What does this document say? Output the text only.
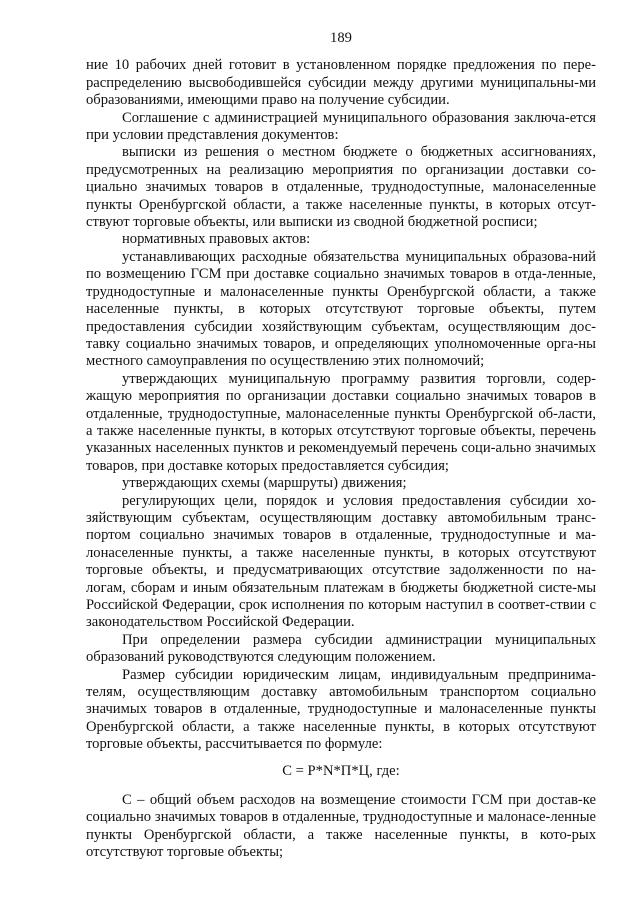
189

ние 10 рабочих дней готовит в установленном порядке предложения по пере-распределению высвободившейся субсидии между другими муниципальны-ми образованиями, имеющими право на получение субсидии.

Соглашение с администрацией муниципального образования заключа-ется при условии представления документов:

выписки из решения о местном бюджете о бюджетных ассигнованиях, предусмотренных на реализацию мероприятия по организации доставки со-циально значимых товаров в отдаленные, труднодоступные, малонаселенные пункты Оренбургской области, а также населенные пункты, в которых отсут-ствуют торговые объекты, или выписки из сводной бюджетной росписи;

нормативных правовых актов:

устанавливающих расходные обязательства муниципальных образова-ний по возмещению ГСМ при доставке социально значимых товаров в отда-ленные, труднодоступные и малонаселенные пункты Оренбургской области, а также населенные пункты, в которых отсутствуют торговые объекты, путем предоставления субсидии хозяйствующим субъектам, осуществляющим дос-тавку социально значимых товаров, и определяющих уполномоченные орга-ны местного самоуправления по осуществлению этих полномочий;

утверждающих муниципальную программу развития торговли, содер-жащую мероприятия по организации доставки социально значимых товаров в отдаленные, труднодоступные, малонаселенные пункты Оренбургской об-ласти, а также населенные пункты, в которых отсутствуют торговые объекты, перечень указанных населенных пунктов и рекомендуемый перечень соци-ально значимых товаров, при доставке которых предоставляется субсидия;

утверждающих схемы (маршруты) движения;

регулирующих цели, порядок и условия предоставления субсидии хо-зяйствующим субъектам, осуществляющим доставку автомобильным транс-портом социально значимых товаров в отдаленные, труднодоступные и ма-лонаселенные пункты, а также населенные пункты, в которых отсутствуют торговые объекты, и предусматривающих отсутствие задолженности по на-логам, сборам и иным обязательным платежам в бюджеты бюджетной систе-мы Российской Федерации, срок исполнения по которым наступил в соответ-ствии с законодательством Российской Федерации.

При определении размера субсидии администрации муниципальных образований руководствуются следующим положением.

Размер субсидии юридическим лицам, индивидуальным предпринима-телям, осуществляющим доставку автомобильным транспортом социально значимых товаров в отдаленные, труднодоступные и малонаселенные пункты Оренбургской области, а также населенные пункты, в которых отсутствуют торговые объекты, рассчитывается по формуле:

С = Р*N*П*Ц, где:

С – общий объем расходов на возмещение стоимости ГСМ при достав-ке социально значимых товаров в отдаленные, труднодоступные и малонасе-ленные пункты Оренбургской области, а также населенные пункты, в кото-рых отсутствуют торговые объекты;
